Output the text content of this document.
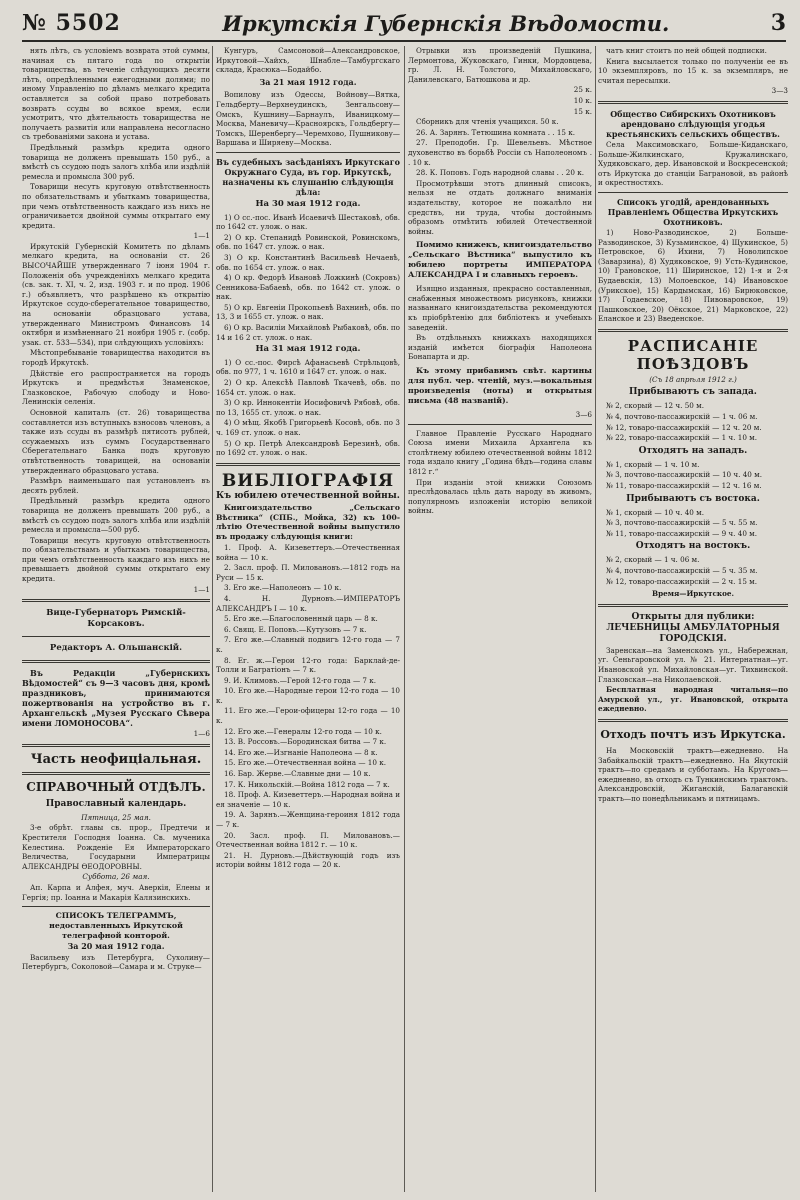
№ 5502	Иркутскія Губернскія Вѣдомости.	3

нять лѣтъ, съ условіемъ возврата этой суммы, начиная съ пятаго года по открытіи товарищества, въ теченіе слѣдующихъ десяти лѣтъ, опредѣленными ежегодными долями; по иному Управленію по дѣламъ мелкаго кредита оставляется за собой право потребовать возвратъ ссуды во всякое время, если усмотритъ, что дѣятельность товарищества не получаетъ развитія или направлена несогласно съ требованіями закона и устава.

Предѣльный размѣръ кредита одного товарища не долженъ превышать 150 руб., а вмѣстѣ съ ссудою подъ залогъ хлѣба или издѣлій ремесла и промысла 300 руб.

Товарищи несутъ круговую отвѣтственность по обязательствамъ и убыткамъ товарищества, при чемъ отвѣтственность каждаго изъ нихъ не ограничивается двойной суммы открытаго ему кредита.

1—1

Иркутскій Губернскій Комитетъ по дѣламъ мелкаго кредита, на основаніи ст. 26 ВЫСОЧАЙШЕ утвержденнаго 7 іюня 1904 г. Положенія объ учрежденіяхъ мелкаго кредита (св. зак. т. XI, ч. 2, изд. 1903 г. и по прод. 1906 г.) объявляетъ, что разрѣшено къ открытію Иркутское ссудо-сберегательное товарищество, на основаніи образцоваго устава, утвержденнаго Министромъ Финансовъ 14 октября и измѣненнаго 21 ноября 1905 г. (собр. узак. ст. 533—534), при слѣдующихъ условіяхъ:

Мѣстопребываніе товарищества находится въ городѣ Иркутскѣ.

Дѣйствіе его распространяется на городъ Иркутскъ и предмѣстья Знаменское, Глазковское, Рабочую слободу и Ново-Ленинскія селенія.

Основной капиталъ (ст. 26) товарищества составляется изъ вступныхъ взносовъ членовъ, а также изъ ссуды въ размѣрѣ пятисотъ рублей, ссужаемыхъ изъ суммъ Государственнаго Сберегательнаго Банка подъ круговую отвѣтственность товарищей, на основаніи утвержденнаго образцоваго устава.

Размѣръ наименьшаго пая установленъ въ десять рублей.

Предѣльный размѣръ кредита одного товарища не долженъ превышать 200 руб., а вмѣстѣ съ ссудою подъ залогъ хлѣба или издѣлій ремесла и промысла—500 руб.

Товарищи несутъ круговую отвѣтственность по обязательствамъ и убыткамъ товарищества, при чемъ отвѣтственность каждаго изъ нихъ не превышаетъ двойной суммы открытаго ему кредита.

1—1

Вице-Губернаторъ Римскій-Корсаковъ.

Редакторъ А. Ольшанскій.

Въ Редакціи „Губернскихъ Вѣдомостей“ съ 9—3 часовъ дня, кромѣ праздниковъ, принимаются пожертвованія на устройство въ г. Архангельскѣ „Музея Русскаго Сѣвера имени ЛОМОНОСОВА“.

1—6

Часть неофиціальная.
СПРАВОЧНЫЙ ОТДѢЛЪ.
Православный календарь.

Пятница, 25 мая.

3-е обрѣт. главы св. прор., Предтечи и Крестителя Господня Іоанна. Св. мученика Келестина. Рожденіе Ея Императорскаго Величества, Государыни Императрицы АЛЕКСАНДРЫ ѲЕОДОРОВНЫ.

Суббота, 26 мая.

Ап. Карпа и Алфея, муч. Аверкія, Елены и Гергія; пр. Іоанна и Макарія Калязинскихъ.

СПИСОКЪ ТЕЛЕГРАММЪ, недоставленныхъ Иркутской телеграфной конторой.

За 20 мая 1912 года.

Васильеву изъ Петербурга, Сухолину—Петербургъ, Соколовой—Самара и м. Струке—

Кунгуръ, Самсоновой—Александровское, Иркутовой—Хайхъ, Шнабле—Тамбургскаго склада, Красюка—Бодайбо.

За 21 мая 1912 года.

Вопилову изъ Одессы, Войнову—Вятка, Гельдберту—Верхнеудинскъ, Зенгальсону—Омскъ, Кушнину—Барнаулъ, Иваницкому—Москва, Маневичу—Красноярскъ, Гольдбергу—Томскъ, Шеренбергу—Черемхово, Пушникову—Варшава и Ширяеву—Москва.

Въ судебныхъ засѣданіяхъ Иркутскаго Окружнаго Суда, въ гор. Иркутскѣ, назначены къ слушанію слѣдующія дѣла:

На 30 мая 1912 года.

1) О сс.-пос. Иванѣ Исаевичѣ Шестаковѣ, обв. по 1642 ст. улож. о нак.

2) О кр. Степанидѣ Ровинской, Ровинскомъ, обв. по 1647 ст. улож. о нак.

3) О кр. Константинѣ Васильевѣ Нечаевѣ, обв. по 1654 ст. улож. о нак.

4) О кр. Федорѣ Ивановѣ Ложкинѣ (Сокровъ) Сенникова-Бабаевѣ, обв. по 1642 ст. улож. о нак.

5) О кр. Евгеніи Прокопьевѣ Вахнинѣ, обв. по 13, 3 и 1655 ст. улож. о нак.

6) О кр. Василіи Михайловѣ Рыбаковѣ, обв. по 14 и 16 2 ст. улож. о нак.

На 31 мая 1912 года.

1) О сс.-пос. Фирсѣ Афанасьевѣ Стрѣльцовѣ, обв. по 977, 1 ч. 1610 и 1647 ст. улож. о нак.

2) О кр. Алексѣѣ Павловѣ Ткачевѣ, обв. по 1654 ст. улож. о нак.

3) О кр. Иннокентіи Иосифовичѣ Рябовѣ, обв. по 13, 1655 ст. улож. о нак.

4) О мѣщ. Якобѣ Григорьевѣ Косовѣ, обв. по 3 ч. 169 ст. улож. о нак.

5) О кр. Петрѣ Александровѣ Березинѣ, обв. по 1692 ст. улож. о нак.

ВИБЛІОГРАФІЯ

Къ юбилею отечественной войны.

Книгоиздательство „Сельскаго Вѣстника“ (СПБ., Мойка, 32) къ 100-лѣтію Отечественной войны выпустило въ продажу слѣдующія книги:

1. Проф. А. Кизеветтеръ.—Отечественная война — 10 к.

2. Засл. проф. П. Миловановъ.—1812 годъ на Руси — 15 к.

3. Его же.—Наполеонъ — 10 к.

4. Н. Дурновъ.—ИМПЕРАТОРЪ АЛЕКСАНДРЪ I — 10 к.

5. Его же.—Благословенный царь — 8 к.

6. Свящ. Е. Поповъ.—Кутузовъ — 7 к.

7. Его же.—Славный подвигъ 12-го года — 7 к.

8. Ег. ж.—Герои 12-го года: Барклай-де-Толли и Багратіонъ — 7 к.

9. И. Климовъ.—Герой 12-го года — 7 к.

10. Его же.—Народные герои 12-го года — 10 к.

11. Его же.—Герои-офицеры 12-го года — 10 к.

12. Его же.—Генералы 12-го года — 10 к.

13. В. Россовъ.—Бородинская битва — 7 к.

14. Его же.—Изгнаніе Наполеона — 8 к.

15. Его же.—Отечественная война — 10 к.

16. Бар. Жерве.—Славные дни — 10 к.

17. К. Никольскій.—Война 1812 года — 7 к.

18. Проф. А. Кизеветтеръ.—Народная война и ея значеніе — 10 к.

19. А. Зарянъ.—Женщина-героиня 1812 года — 7 к.

20. Засл. проф. П. Миловановъ.—Отечественная война 1812 г. — 10 к.

21. Н. Дурновъ.—Дѣйствующій годъ изъ исторіи войны 1812 года — 20 к.

Отрывки изъ произведеній Пушкина, Лермонтова, Жуковскаго, Гинки, Мордовцева, гр. Л. Н. Толстого, Михайловскаго, Данилевскаго, Батюшкова и др.

25 к.

10 к.

15 к.

Сборникъ для чтенія учащихся. 50 к.

26. А. Зарянъ. Тетюшина комната . . 15 к.

27. Преподобн. Гр. Шевельевъ. Мѣстное духовенство въ борьбѣ Россіи съ Наполеономъ . . 10 к.

28. К. Поповъ. Годъ народной славы . . 20 к.

Просмотрѣвши этотъ длинный списокъ, нельзя не отдать должнаго вниманія издательству, которое не пожалѣло ни средствъ, ни труда, чтобы достойнымъ образомъ отмѣтить юбилей Отечественной войны.

Помимо книжекъ, книгоиздательство „Сельскаго Вѣстника“ выпустило къ юбилею портреты ИМПЕРАТОРА АЛЕКСАНДРА I и славныхъ героевъ.

Изящно изданныя, прекрасно составленныя, снабженныя множествомъ рисунковъ, книжки названнаго книгоиздательства рекомендуются къ пріобрѣтенію для библіотекъ и учебныхъ заведеній.

Въ отдѣльныхъ книжкахъ находящихся изданій имѣется біографія Наполеона Бонапарта и др.

Къ этому прибавимъ свѣт. картины для публ. чер. чтеній, муз.—вокальныя произведенія (ноты) и открытыя письма (48 названій).

3—6

Главное Правленіе Русскаго Народнаго Союза имени Михаила Архангела къ столѣтнему юбилею отечественной войны 1812 года издало книгу „Година бѣдъ—година славы 1812 г.“

При изданіи этой книжки Союзомъ преслѣдовалась цѣль дать народу въ живомъ, популярномъ изложеніи исторію великой войны.

чатъ книг стоитъ по ней общей подписки.

Книга высылается только по полученіи ее въ 10 экземпляровъ, по 15 к. за экземпляръ, не считая пересылки.

3—3

Общество Сибирскихъ Охотниковъ арендовано слѣдующія угодья крестьянскихъ сельскихъ обществъ.

Села Максимовскаго, Больше-Киданскаго, Больше-Жилкинскаго, Кружалинскаго, Худяковскаго, дер. Ивановской и Воскресенской; отъ Иркутска до станціи Баграновой, въ районѣ и окрестностяхъ.

Списокъ угодій, арендованныхъ Правленіемъ Общества Иркутскихъ Охотниковъ.

1) Ново-Разводинское, 2) Больше-Разводинское, 3) Кузьминское, 4) Щукинское, 5) Петровское, 6) Ихини, 7) Новолипское (Заварзина), 8) Худяковское, 9) Усть-Кудинское, 10) Грановское, 11) Ширинское, 12) 1-я и 2-я Будаевскія, 13) Молоевское, 14) Ивановское (Урикское), 15) Кардымская, 16) Бирюковское, 17) Годаевское, 18) Пивоваровское, 19) Пашковское, 20) Оёкское, 21) Марковское, 22) Еланское и 23) Введенское.

РАСПИСАНІЕ ПОѢЗДОВЪ

(Съ 18 апрѣля 1912 г.)

Прибываютъ съ запада.

№ 2, скорый — 12 ч. 50 м.

№ 4, почтово-пассажирскій — 1 ч. 06 м.

№ 12, товаро-пассажирскій — 12 ч. 20 м.

№ 22, товаро-пассажирскій — 1 ч. 10 м.

Отходятъ на западъ.

№ 1, скорый — 1 ч. 10 м.

№ 3, почтово-пассажирскій — 10 ч. 40 м.

№ 11, товаро-пассажирскій — 12 ч. 16 м.

Прибываютъ съ востока.

№ 1, скорый — 10 ч. 40 м.

№ 3, почтово-пассажирскій — 5 ч. 55 м.

№ 11, товаро-пассажирскій — 9 ч. 40 м.

Отходятъ на востокъ.

№ 2, скорый — 1 ч. 06 м.

№ 4, почтово-пассажирскій — 5 ч. 35 м.

№ 12, товаро-пассажирскій — 2 ч. 15 м.

Время—Иркутское.

Открыты для публики: ЛЕЧЕБНИЦЫ АМБУЛАТОРНЫЯ ГОРОДСКІЯ.

Заренская—на Заменскомъ ул., Набережная, уг. Сеньгаровской ул. № 21. Интернатная—уг. Ивановской ул. Михайловская—уг. Тихвинской. Глазковская—на Николаевской.

Бесплатная народная читальня—по Амурской ул., уг. Ивановской, открыта ежедневно.

Отходъ почтъ изъ Иркутска.

На Московскій трактъ—ежедневно. На Забайкальскій трактъ—ежедневно. На Якутскій трактъ—по средамъ и субботамъ. На Кругомъ—ежедневно, въ отходъ съ Тункинскимъ трактомъ. Александровскій, Жиганскій, Балаганскій трактъ—по понедѣльникамъ и пятницамъ.
